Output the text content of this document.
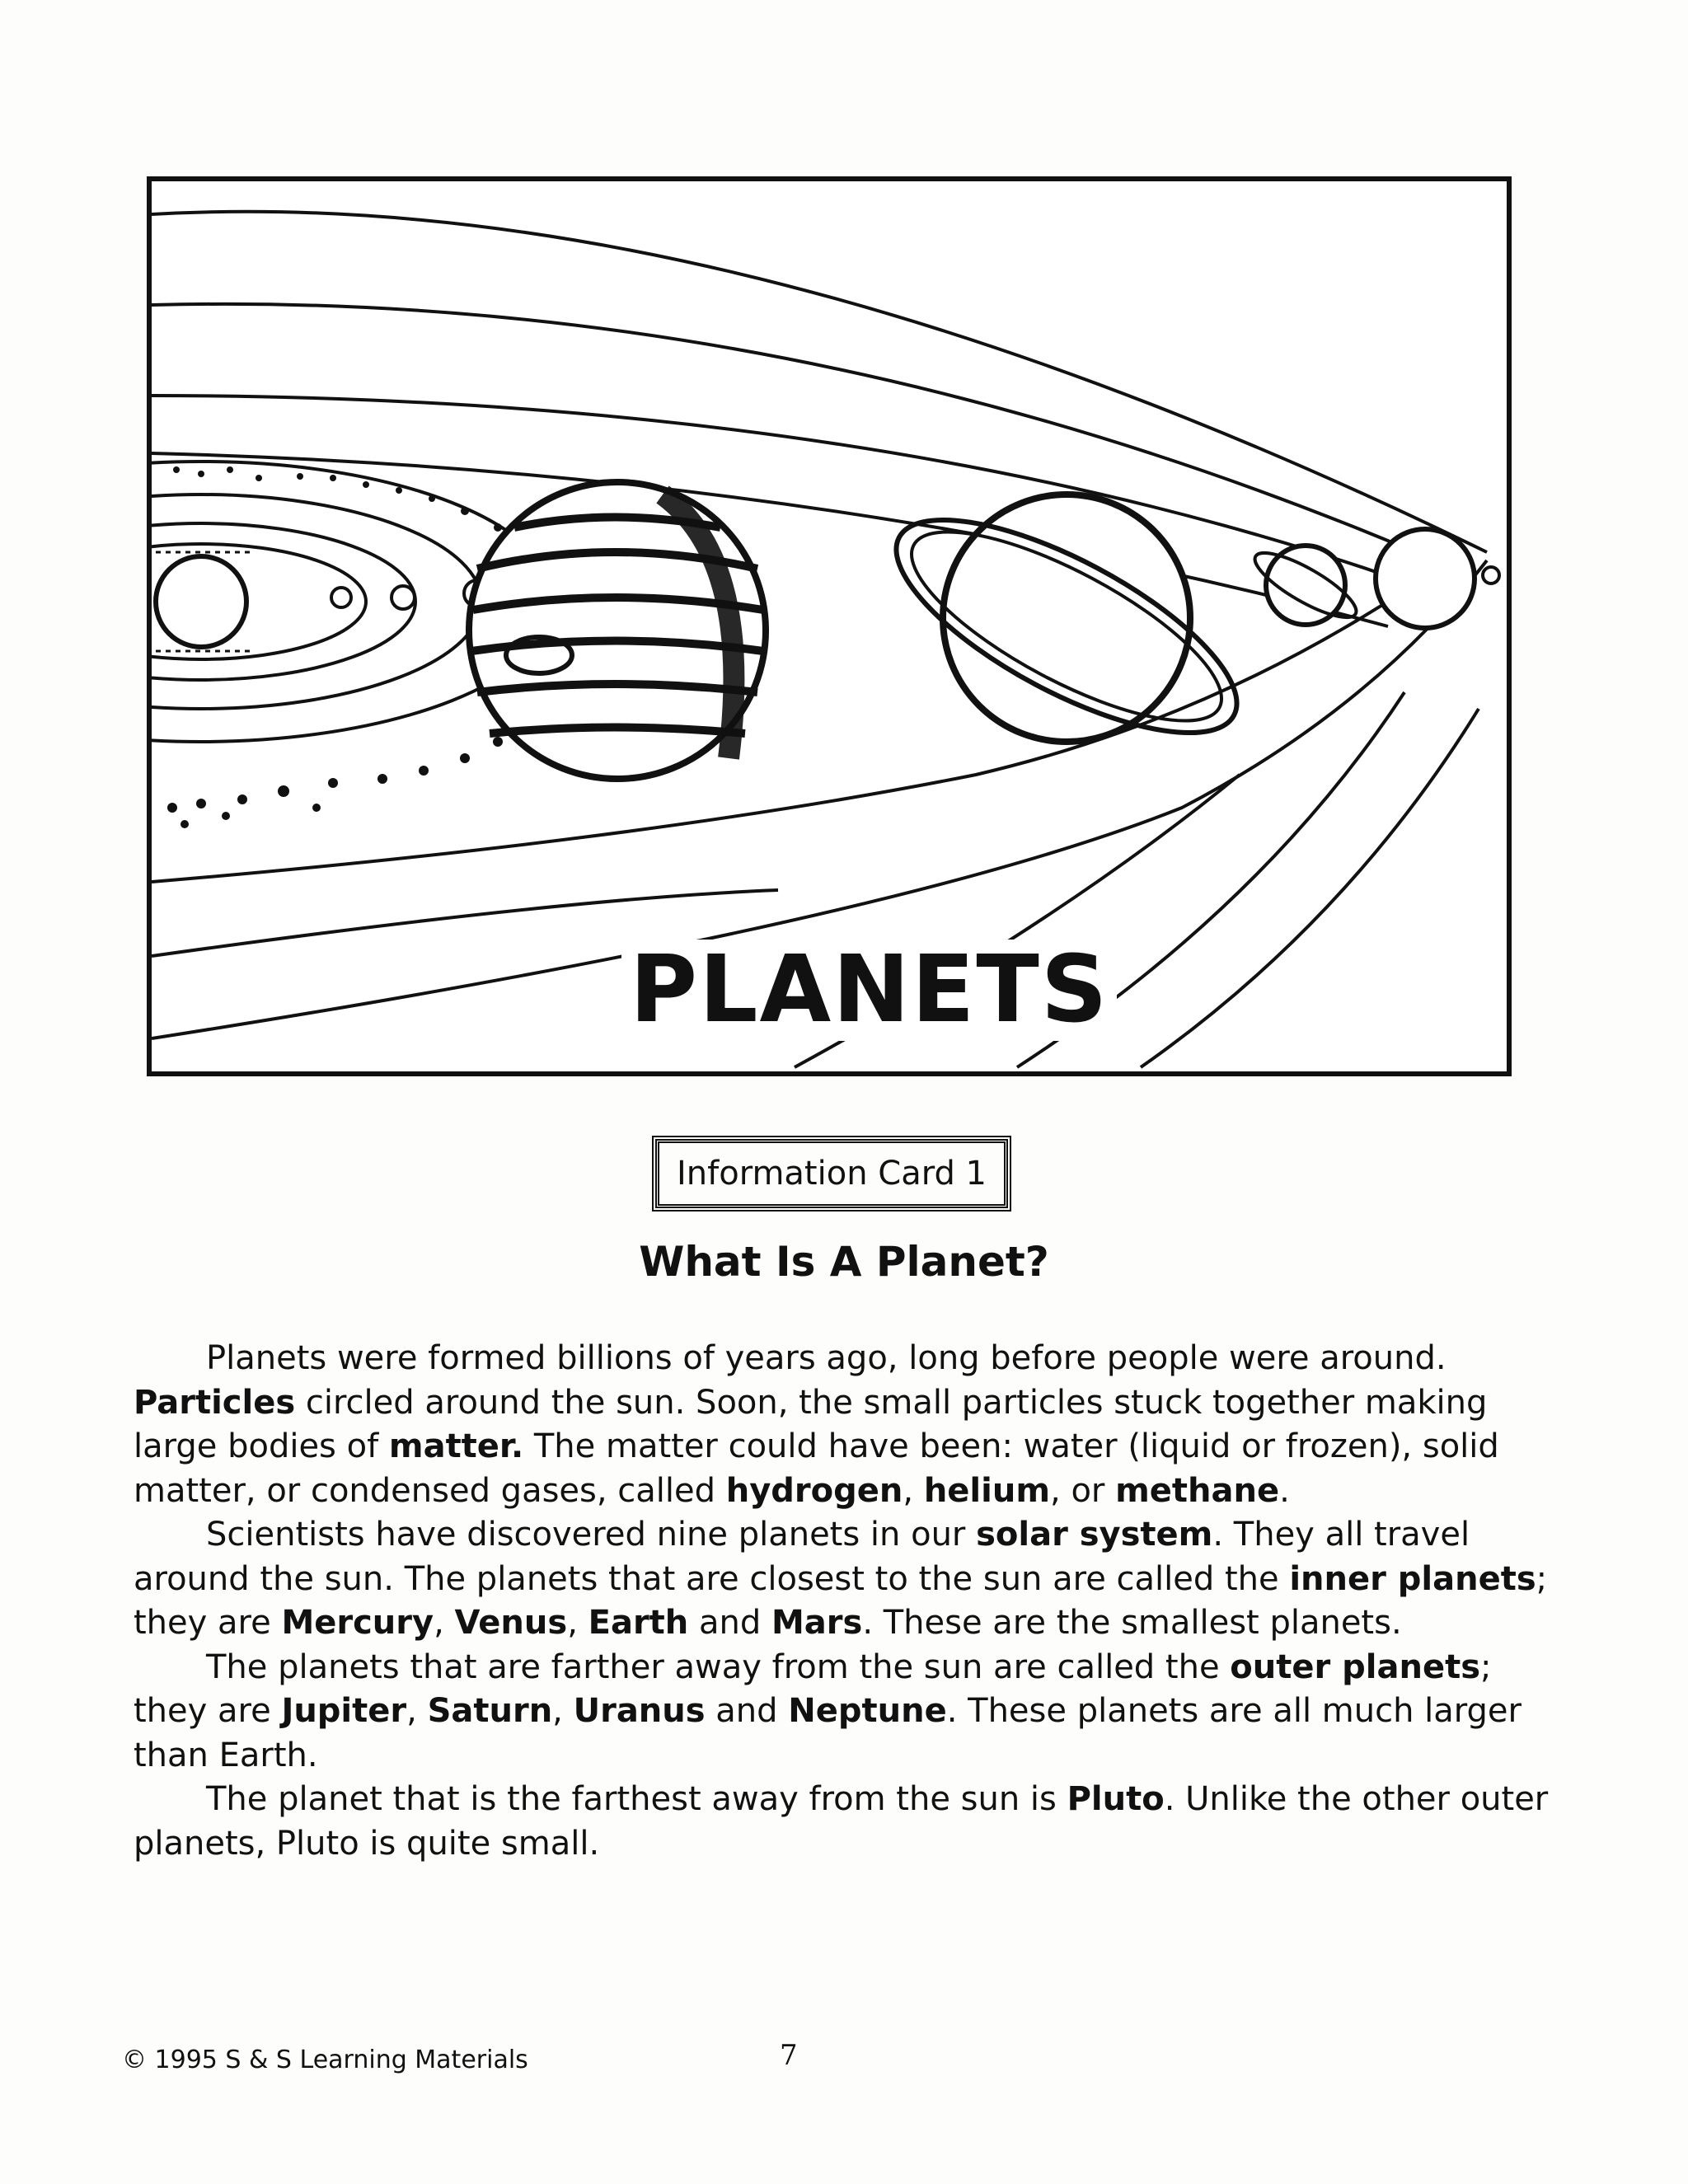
PLANETS
Information Card 1
What Is A Planet?

Planets were formed billions of years ago, long before people were around. Particles circled around the sun. Soon, the small particles stuck together making large bodies of matter. The matter could have been: water (liquid or frozen), solid matter, or condensed gases, called hydrogen, helium, or methane.

Scientists have discovered nine planets in our solar system. They all travel around the sun. The planets that are closest to the sun are called the inner planets; they are Mercury, Venus, Earth and Mars. These are the smallest planets.

The planets that are farther away from the sun are called the outer planets; they are Jupiter, Saturn, Uranus and Neptune. These planets are all much larger than Earth.

The planet that is the farthest away from the sun is Pluto. Unlike the other outer planets, Pluto is quite small.

© 1995 S & S Learning Materials	7
